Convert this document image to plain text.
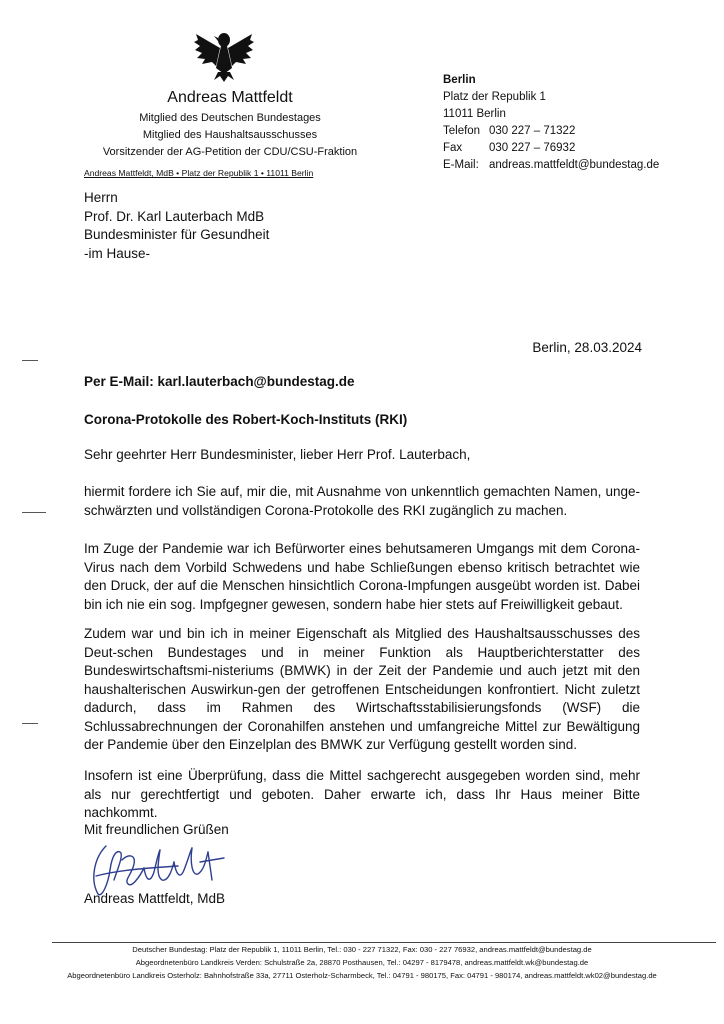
Andreas Mattfeldt
Mitglied des Deutschen Bundestages
Mitglied des Haushaltsausschusses
Vorsitzender der AG-Petition der CDU/CSU-Fraktion
Berlin
Platz der Republik 1
11011 Berlin
Telefon 030 227 – 71322
Fax	030 227 – 76932
E-Mail: andreas.mattfeldt@bundestag.de
Andreas Mattfeldt, MdB • Platz der Republik 1 • 11011 Berlin
Herrn
Prof. Dr. Karl Lauterbach MdB
Bundesminister für Gesundheit
-im Hause-
Berlin, 28.03.2024
Per E-Mail: karl.lauterbach@bundestag.de
Corona-Protokolle des Robert-Koch-Instituts (RKI)
Sehr geehrter Herr Bundesminister, lieber Herr Prof. Lauterbach,
hiermit fordere ich Sie auf, mir die, mit Ausnahme von unkenntlich gemachten Namen, unge-schwärzten und vollständigen Corona-Protokolle des RKI zugänglich zu machen.
Im Zuge der Pandemie war ich Befürworter eines behutsameren Umgangs mit dem Corona-Virus nach dem Vorbild Schwedens und habe Schließungen ebenso kritisch betrachtet wie den Druck, der auf die Menschen hinsichtlich Corona-Impfungen ausgeübt worden ist. Dabei bin ich nie ein sog. Impfgegner gewesen, sondern habe hier stets auf Freiwilligkeit gebaut.
Zudem war und bin ich in meiner Eigenschaft als Mitglied des Haushaltsausschusses des Deut-schen Bundestages und in meiner Funktion als Hauptberichterstatter des Bundeswirtschaftsmi-nisteriums (BMWK) in der Zeit der Pandemie und auch jetzt mit den haushalterischen Auswirkun-gen der getroffenen Entscheidungen konfrontiert. Nicht zuletzt dadurch, dass im Rahmen des Wirtschaftsstabilisierungsfonds (WSF) die Schlussabrechnungen der Coronahilfen anstehen und umfangreiche Mittel zur Bewältigung der Pandemie über den Einzelplan des BMWK zur Verfügung gestellt worden sind.
Insofern ist eine Überprüfung, dass die Mittel sachgerecht ausgegeben worden sind, mehr als nur gerechtfertigt und geboten. Daher erwarte ich, dass Ihr Haus meiner Bitte nachkommt.
Mit freundlichen Grüßen
Andreas Mattfeldt, MdB
Deutscher Bundestag: Platz der Republik 1, 11011 Berlin, Tel.: 030 - 227 71322, Fax: 030 - 227 76932, andreas.mattfeldt@bundestag.de
Abgeordnetenbüro Landkreis Verden: Schulstraße 2a, 28870 Posthausen, Tel.: 04297 - 8179478, andreas.mattfeldt.wk@bundestag.de
Abgeordnetenbüro Landkreis Osterholz: Bahnhofstraße 33a, 27711 Osterholz-Scharmbeck, Tel.: 04791 - 980175, Fax: 04791 - 980174, andreas.mattfeldt.wk02@bundestag.de
